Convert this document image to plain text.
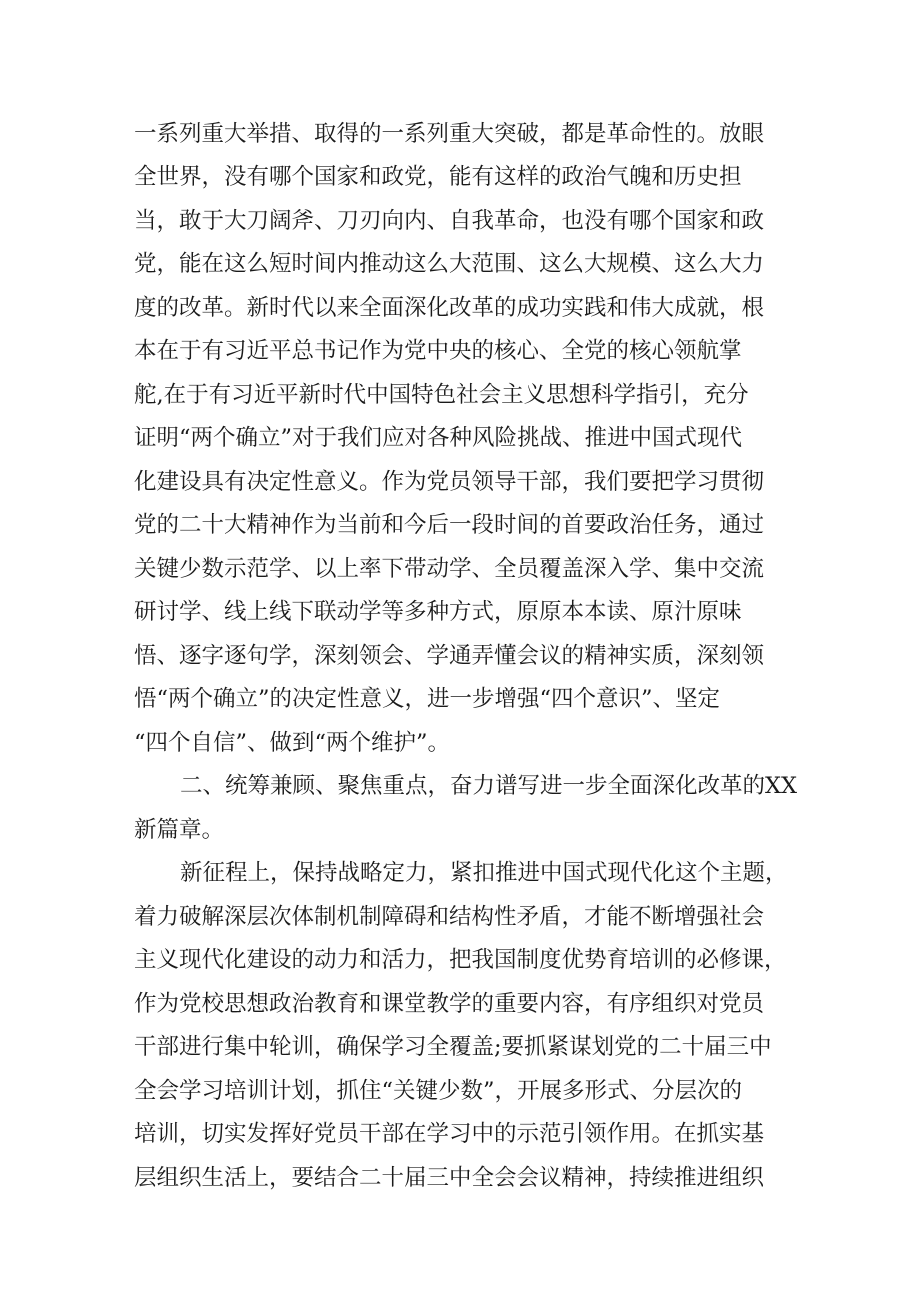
一系列重大举措、取得的一系列重大突破，都是革命性的。放眼

全世界，没有哪个国家和政党，能有这样的政治气魄和历史担

当，敢于大刀阔斧、刀刃向内、自我革命，也没有哪个国家和政

党，能在这么短时间内推动这么大范围、这么大规模、这么大力

度的改革。新时代以来全面深化改革的成功实践和伟大成就，根

本在于有习近平总书记作为党中央的核心、全党的核心领航掌

舵,在于有习近平新时代中国特色社会主义思想科学指引，充分

证明“两个确立”对于我们应对各种风险挑战、推进中国式现代

化建设具有决定性意义。作为党员领导干部，我们要把学习贯彻

党的二十大精神作为当前和今后一段时间的首要政治任务，通过

关键少数示范学、以上率下带动学、全员覆盖深入学、集中交流

研讨学、线上线下联动学等多种方式，原原本本读、原汁原味

悟、逐字逐句学，深刻领会、学通弄懂会议的精神实质，深刻领

悟“两个确立”的决定性意义，进一步增强“四个意识”、坚定

“四个自信”、做到“两个维护”。

二、统筹兼顾、聚焦重点，奋力谱写进一步全面深化改革的XX

新篇章。

新征程上，保持战略定力，紧扣推进中国式现代化这个主题，

着力破解深层次体制机制障碍和结构性矛盾，才能不断增强社会

主义现代化建设的动力和活力，把我国制度优势育培训的必修课，

作为党校思想政治教育和课堂教学的重要内容，有序组织对党员

干部进行集中轮训，确保学习全覆盖;要抓紧谋划党的二十届三中

全会学习培训计划，抓住“关键少数”，开展多形式、分层次的

培训，切实发挥好党员干部在学习中的示范引领作用。在抓实基

层组织生活上，要结合二十届三中全会会议精神，持续推进组织
